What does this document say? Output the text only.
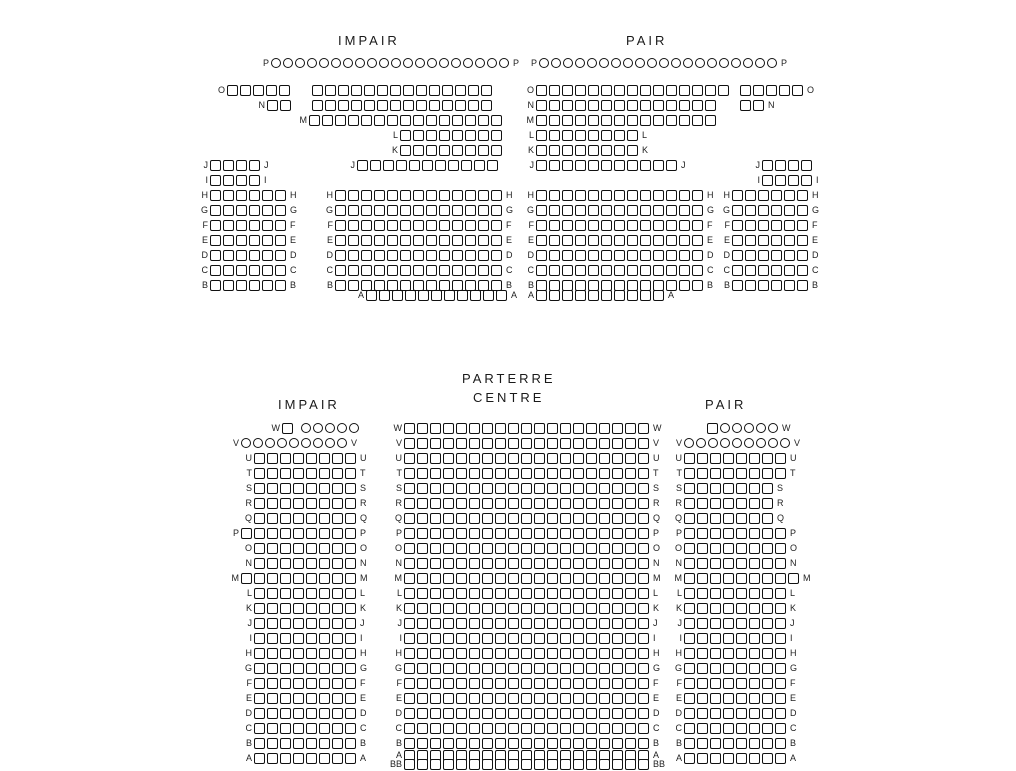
IMPAIR	PAIR
PARTERRE
CENTRE
IMPAIR	PAIR
P	P
O
N
M
L
K
J
H	H
G	G
F	F
E	E
D	D
C	C
B	B
A	A
J	J
I	I
H	H
G	G
F	F
E	E
D	D
C	C
B	B
P	P
O
N
M
L	L
K	K
J	J
H	H
G	G
F	F
E	E
D	D
C	C
B	B
A	A
O
N
J
I	I
H	H
G	G
F	F
E	E
D	D
C	C
B	B
W
V	V
U	U
T	T
S	S
R	R
Q	Q
P	P
O	O
N	N
M	M
L	L
K	K
J	J
I	I
H	H
G	G
F	F
E	E
D	D
C	C
B	B
A	A
W	W
V	V
U	U
T	T
S	S
R	R
Q	Q
P	P
O	O
N	N
M	M
L	L
K	K
J	J
I	I
H	H
G	G
F	F
E	E
D	D
C	C
B	B
A	A
BB	BB
W
V	V
U	U
T	T
S	S
R	R
Q	Q
P	P
O	O
N	N
M	M
L	L
K	K
J	J
I	I
H	H
G	G
F	F
E	E
D	D
C	C
B	B
A	A
